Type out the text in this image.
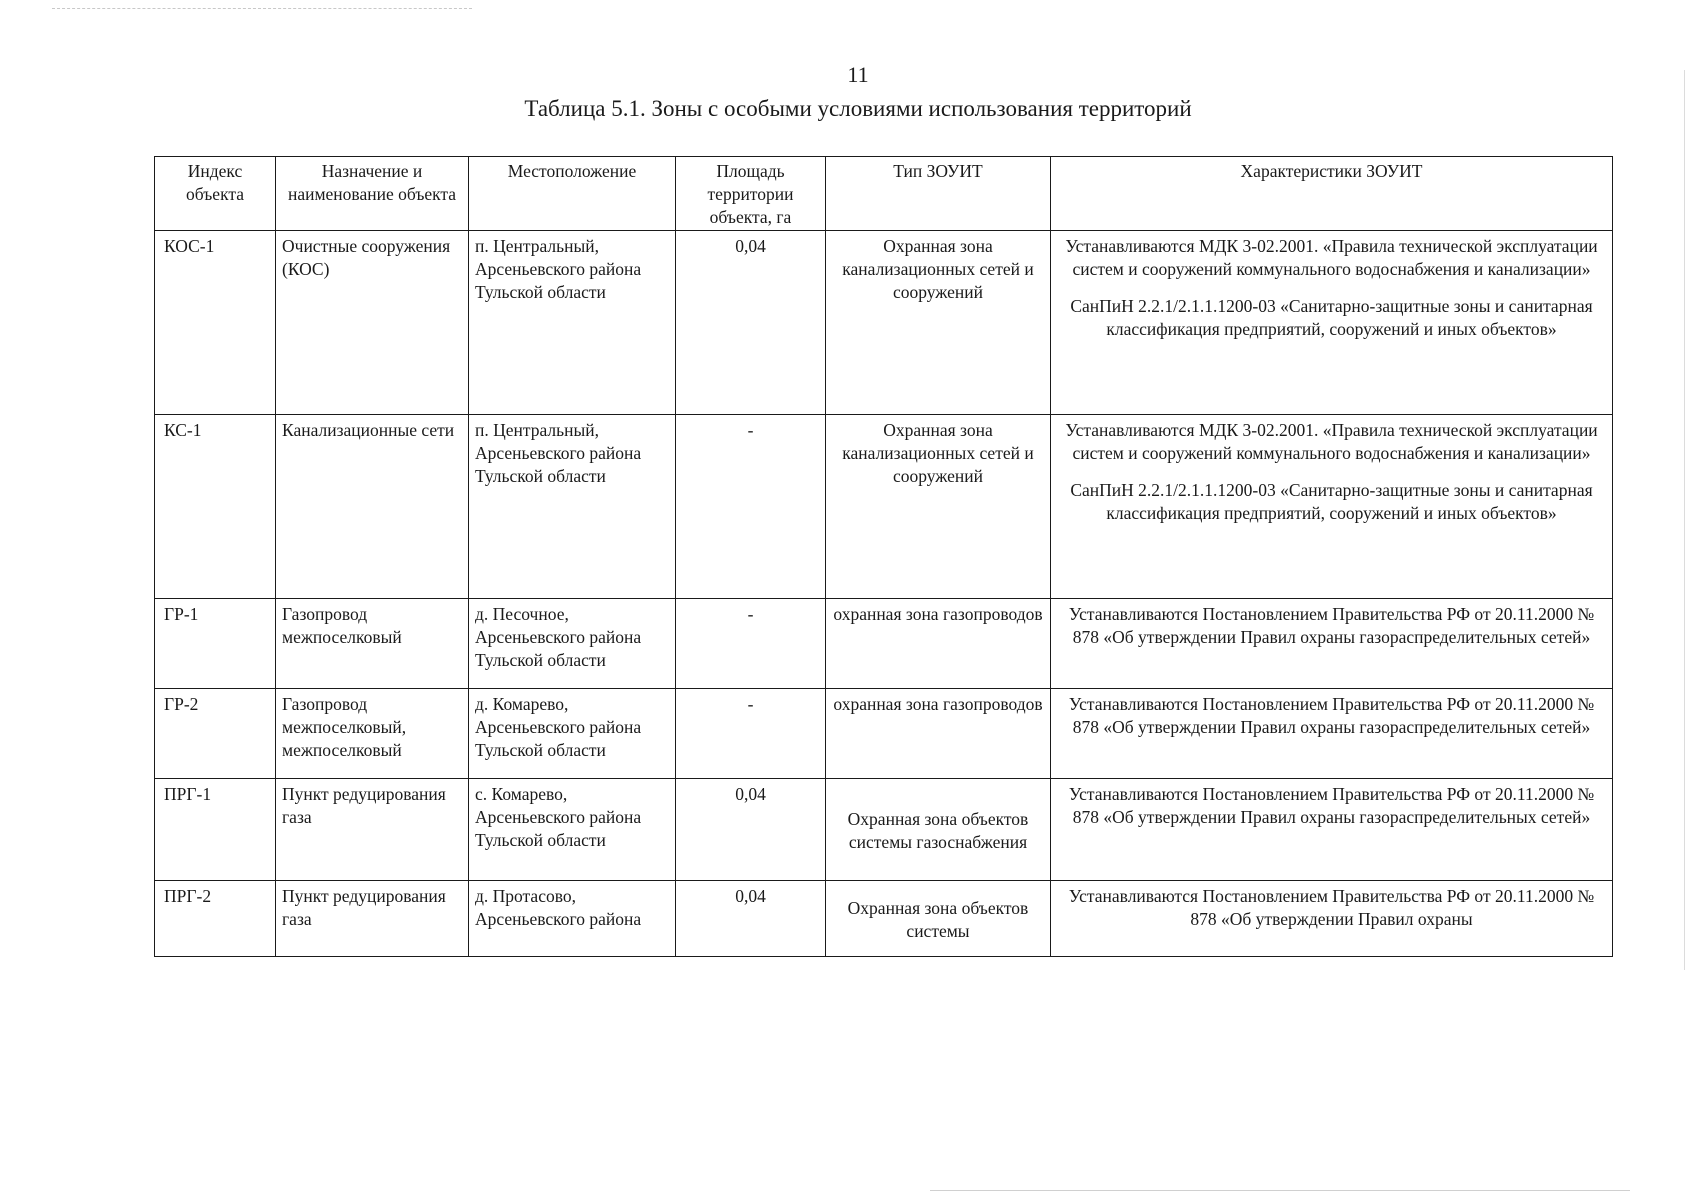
11
Таблица 5.1. Зоны с особыми условиями использования территорий
Индекс объекта	Назначение и наименование объекта	Местоположение	Площадь территории объекта, га	Тип ЗОУИТ	Характеристики ЗОУИТ
КОС-1	Очистные сооружения (КОС)	п. Центральный, Арсеньевского района Тульской области	0,04	Охранная зона канализационных сетей и сооружений	Устанавливаются МДК 3-02.2001. «Правила технической эксплуатации систем и сооружений коммунального водоснабжения и канализации»
СанПиН 2.2.1/2.1.1.1200-03 «Санитарно-защитные зоны и санитарная классификация предприятий, сооружений и иных объектов»

КС-1	Канализационные сети	п. Центральный, Арсеньевского района Тульской области	-	Охранная зона канализационных сетей и сооружений	Устанавливаются МДК 3-02.2001. «Правила технической эксплуатации систем и сооружений коммунального водоснабжения и канализации»
СанПиН 2.2.1/2.1.1.1200-03 «Санитарно-защитные зоны и санитарная классификация предприятий, сооружений и иных объектов»

ГР-1	Газопровод межпоселковый	д. Песочное, Арсеньевского района Тульской области	-	охранная зона газопроводов	Устанавливаются Постановлением Правительства РФ от 20.11.2000 № 878 «Об утверждении Правил охраны газораспределительных сетей»

ГР-2	Газопровод межпоселковый, межпоселковый	д. Комарево, Арсеньевского района Тульской области	-	охранная зона газопроводов	Устанавливаются Постановлением Правительства РФ от 20.11.2000 № 878 «Об утверждении Правил охраны газораспределительных сетей»

ПРГ-1	Пункт редуцирования газа	с. Комарево, Арсеньевского района Тульской области	0,04	Охранная зона объектов системы газоснабжения	Устанавливаются Постановлением Правительства РФ от 20.11.2000 № 878 «Об утверждении Правил охраны газораспределительных сетей»

ПРГ-2	Пункт редуцирования газа	д. Протасово, Арсеньевского района	0,04	Охранная зона объектов системы	Устанавливаются Постановлением Правительства РФ от 20.11.2000 № 878 «Об утверждении Правил охраны
